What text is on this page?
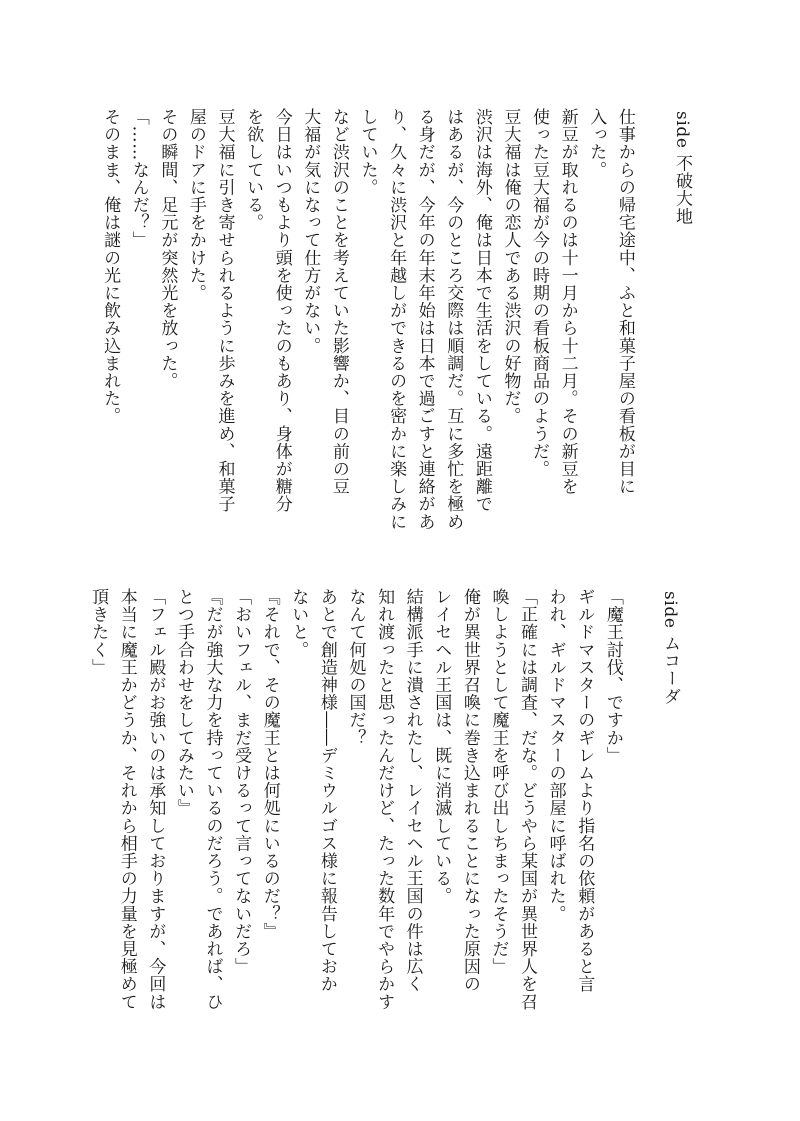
side 不破大地

仕事からの帰宅途中、ふと和菓子屋の看板が目に
入った。
新豆が取れるのは十一月から十二月。その新豆を
使った豆大福が今の時期の看板商品のようだ。
豆大福は俺の恋人である渋沢の好物だ。
渋沢は海外、俺は日本で生活をしている。遠距離で
はあるが、今のところ交際は順調だ。互に多忙を極め
る身だが、今年の年末年始は日本で過ごすと連絡があ
り、久々に渋沢と年越しができるのを密かに楽しみに
していた。
など渋沢のことを考えていた影響か、目の前の豆
大福が気になって仕方がない。
今日はいつもより頭を使ったのもあり、身体が糖分
を欲している。
豆大福に引き寄せられるように歩みを進め、和菓子
屋のドアに手をかけた。
その瞬間、足元が突然光を放った。
「……なんだ？」
そのまま、俺は謎の光に飲み込まれた。
side ムコーダ

「魔王討伐、ですか」
ギルドマスターのギレムより指名の依頼があると言
われ、ギルドマスターの部屋に呼ばれた。
「正確には調査、だな。どうやら某国が異世界人を召
喚しようとして魔王を呼び出しちまったそうだ」
俺が異世界召喚に巻き込まれることになった原因の
レイセヘル王国は、既に消滅している。
結構派手に潰されたし、レイセヘル王国の件は広く
知れ渡ったと思ったんだけど、たった数年でやらかす
なんて何処の国だ？
あとで創造神様――デミウルゴス様に報告しておか
ないと。
『それで、その魔王とは何処にいるのだ？』
「おいフェル、まだ受けるって言ってないだろ」
『だが強大な力を持っているのだろう。であれば、ひ
とつ手合わせをしてみたい』
「フェル殿がお強いのは承知しておりますが、今回は
本当に魔王かどうか、それから相手の力量を見極めて
頂きたく」
